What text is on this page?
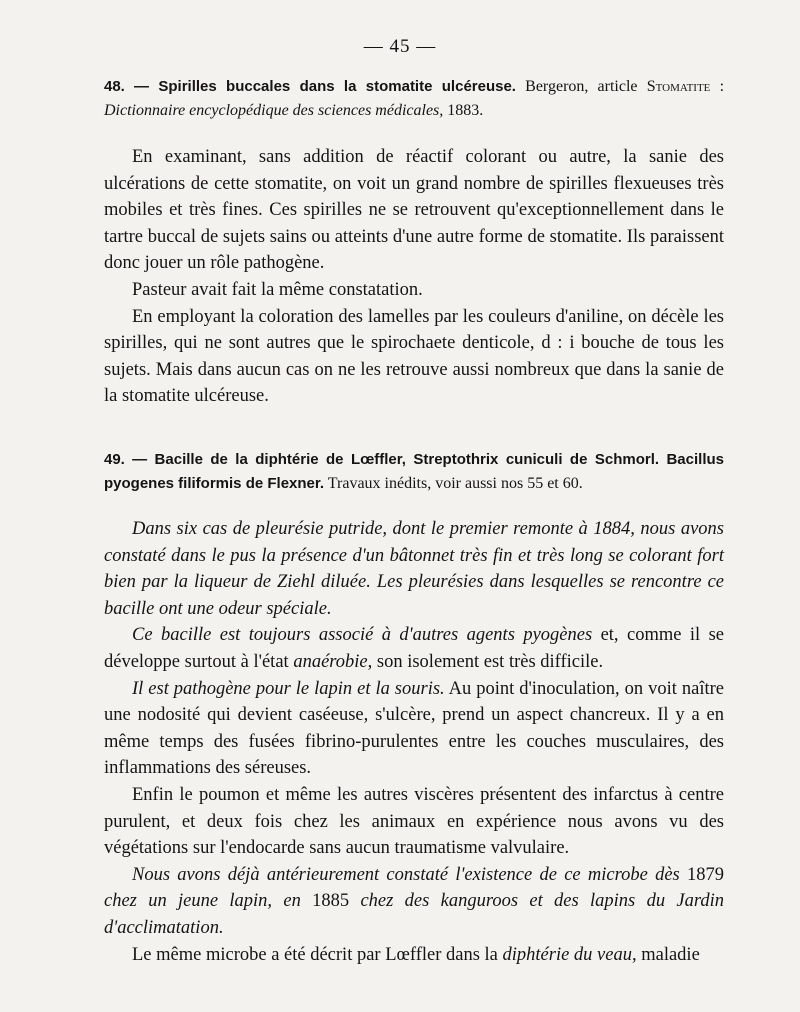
— 45 —
48. — Spirilles buccales dans la stomatite ulcéreuse. Bergeron, article Stomatite : Dictionnaire encyclopédique des sciences médicales, 1883.

En examinant, sans addition de réactif colorant ou autre, la sanie des ulcérations de cette stomatite, on voit un grand nombre de spirilles flexueuses très mobiles et très fines. Ces spirilles ne se retrouvent qu'exceptionnellement dans le tartre buccal de sujets sains ou atteints d'une autre forme de stomatite. Ils paraissent donc jouer un rôle pathogène.

Pasteur avait fait la même constatation.

En employant la coloration des lamelles par les couleurs d'aniline, on décèle les spirilles, qui ne sont autres que le spirochaete denticole, d : i bouche de tous les sujets. Mais dans aucun cas on ne les retrouve aussi nombreux que dans la sanie de la stomatite ulcéreuse.

49. — Bacille de la diphtérie de Lœffler, Streptothrix cuniculi de Schmorl. Bacillus pyogenes filiformis de Flexner. Travaux inédits, voir aussi nos 55 et 60.

Dans six cas de pleurésie putride, dont le premier remonte à 1884, nous avons constaté dans le pus la présence d'un bâtonnet très fin et très long se colorant fort bien par la liqueur de Ziehl diluée. Les pleurésies dans lesquelles se rencontre ce bacille ont une odeur spéciale.

Ce bacille est toujours associé à d'autres agents pyogènes et, comme il se développe surtout à l'état anaérobie, son isolement est très difficile.

Il est pathogène pour le lapin et la souris. Au point d'inoculation, on voit naître une nodosité qui devient caséeuse, s'ulcère, prend un aspect chancreux. Il y a en même temps des fusées fibrino-purulentes entre les couches musculaires, des inflammations des séreuses.

Enfin le poumon et même les autres viscères présentent des infarctus à centre purulent, et deux fois chez les animaux en expérience nous avons vu des végétations sur l'endocarde sans aucun traumatisme valvulaire.

Nous avons déjà antérieurement constaté l'existence de ce microbe dès 1879 chez un jeune lapin, en 1885 chez des kanguroos et des lapins du Jardin d'acclimatation.

Le même microbe a été décrit par Lœffler dans la diphtérie du veau, maladie
